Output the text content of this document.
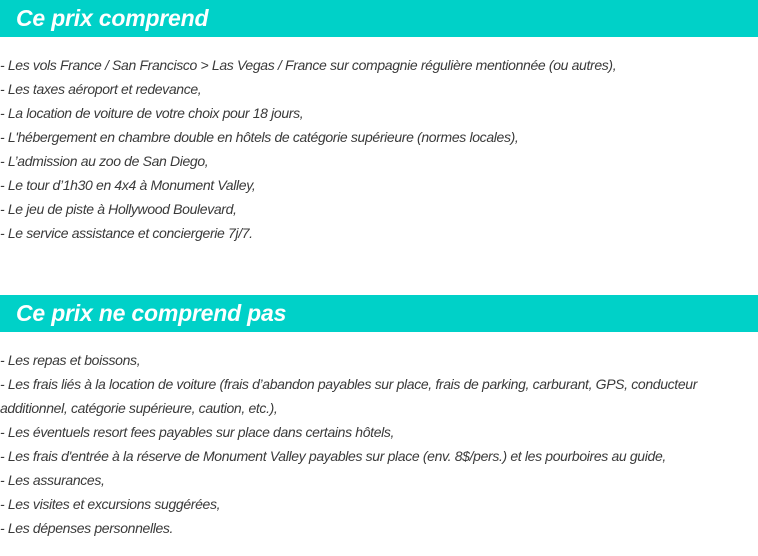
Ce prix comprend
- Les vols France / San Francisco > Las Vegas / France sur compagnie régulière mentionnée (ou autres),
- Les taxes aéroport et redevance,
- La location de voiture de votre choix pour 18 jours,
- L'hébergement en chambre double en hôtels de catégorie supérieure (normes locales),
- L’admission au zoo de San Diego,
- Le tour d’1h30 en 4x4 à Monument Valley,
- Le jeu de piste à Hollywood Boulevard,
- Le service assistance et conciergerie 7j/7.
Ce prix ne comprend pas
- Les repas et boissons,
- Les frais liés à la location de voiture (frais d’abandon payables sur place, frais de parking, carburant, GPS, conducteur additionnel, catégorie supérieure, caution, etc.),
- Les éventuels resort fees payables sur place dans certains hôtels,
- Les frais d'entrée à la réserve de Monument Valley payables sur place (env. 8$/pers.) et les pourboires au guide,
- Les assurances,
- Les visites et excursions suggérées,
- Les dépenses personnelles.
